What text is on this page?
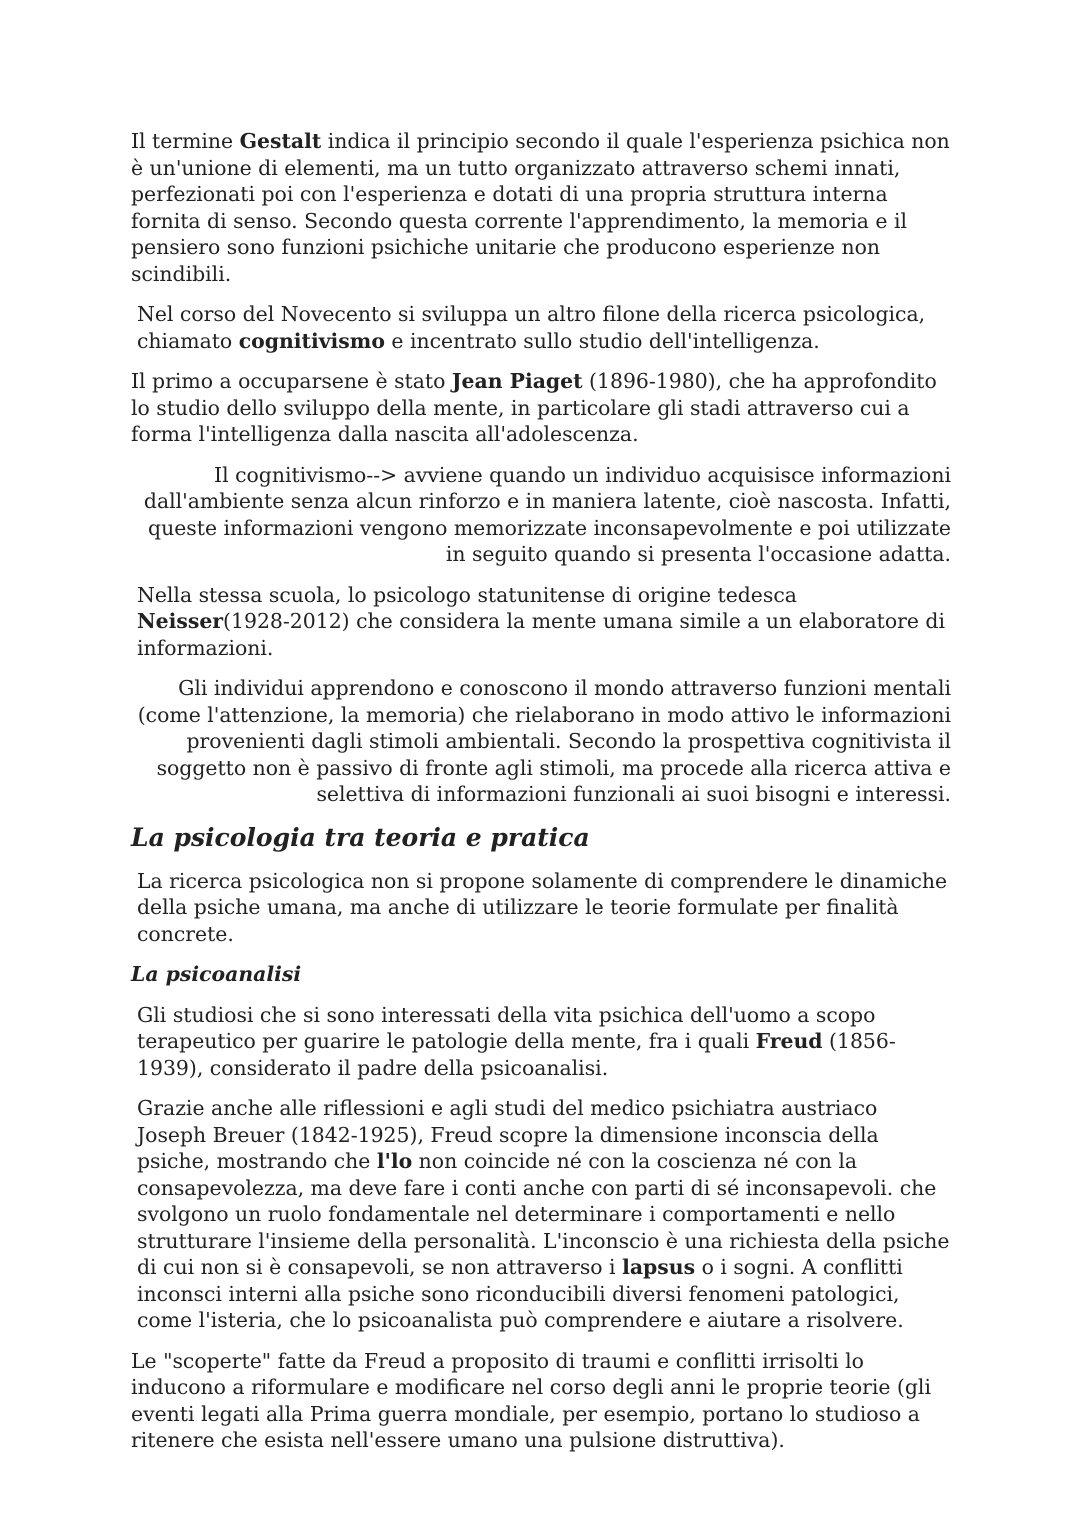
Il termine Gestalt indica il principio secondo il quale l'esperienza psichica non è un'unione di elementi, ma un tutto organizzato attraverso schemi innati, perfezionati poi con l'esperienza e dotati di una propria struttura interna fornita di senso. Secondo questa corrente l'apprendimento, la memoria e il pensiero sono funzioni psichiche unitarie che producono esperienze non scindibili.

Nel corso del Novecento si sviluppa un altro filone della ricerca psicologica, chiamato cognitivismo e incentrato sullo studio dell'intelligenza.

Il primo a occuparsene è stato Jean Piaget (1896-1980), che ha approfondito lo studio dello sviluppo della mente, in particolare gli stadi attraverso cui a forma l'intelligenza dalla nascita all'adolescenza.

Il cognitivismo--> avviene quando un individuo acquisisce informazioni dall'ambiente senza alcun rinforzo e in maniera latente, cioè nascosta. Infatti, queste informazioni vengono memorizzate inconsapevolmente e poi utilizzate in seguito quando si presenta l'occasione adatta.

Nella stessa scuola, lo psicologo statunitense di origine tedesca Neisser(1928-2012) che considera la mente umana simile a un elaboratore di informazioni.

Gli individui apprendono e conoscono il mondo attraverso funzioni mentali (come l'attenzione, la memoria) che rielaborano in modo attivo le informazioni provenienti dagli stimoli ambientali. Secondo la prospettiva cognitivista il soggetto non è passivo di fronte agli stimoli, ma procede alla ricerca attiva e selettiva di informazioni funzionali ai suoi bisogni e interessi.

La psicologia tra teoria e pratica

La ricerca psicologica non si propone solamente di comprendere le dinamiche della psiche umana, ma anche di utilizzare le teorie formulate per finalità concrete.

La psicoanalisi

Gli studiosi che si sono interessati della vita psichica dell'uomo a scopo terapeutico per guarire le patologie della mente, fra i quali Freud (1856-1939), considerato il padre della psicoanalisi.

Grazie anche alle riflessioni e agli studi del medico psichiatra austriaco Joseph Breuer (1842-1925), Freud scopre la dimensione inconscia della psiche, mostrando che l'lo non coincide né con la coscienza né con la consapevolezza, ma deve fare i conti anche con parti di sé inconsapevoli. che svolgono un ruolo fondamentale nel determinare i comportamenti e nello strutturare l'insieme della personalità. L'inconscio è una richiesta della psiche di cui non si è consapevoli, se non attraverso i lapsus o i sogni. A conflitti inconsci interni alla psiche sono riconducibili diversi fenomeni patologici, come l'isteria, che lo psicoanalista può comprendere e aiutare a risolvere.

Le "scoperte" fatte da Freud a proposito di traumi e conflitti irrisolti lo inducono a riformulare e modificare nel corso degli anni le proprie teorie (gli eventi legati alla Prima guerra mondiale, per esempio, portano lo studioso a ritenere che esista nell'essere umano una pulsione distruttiva).
